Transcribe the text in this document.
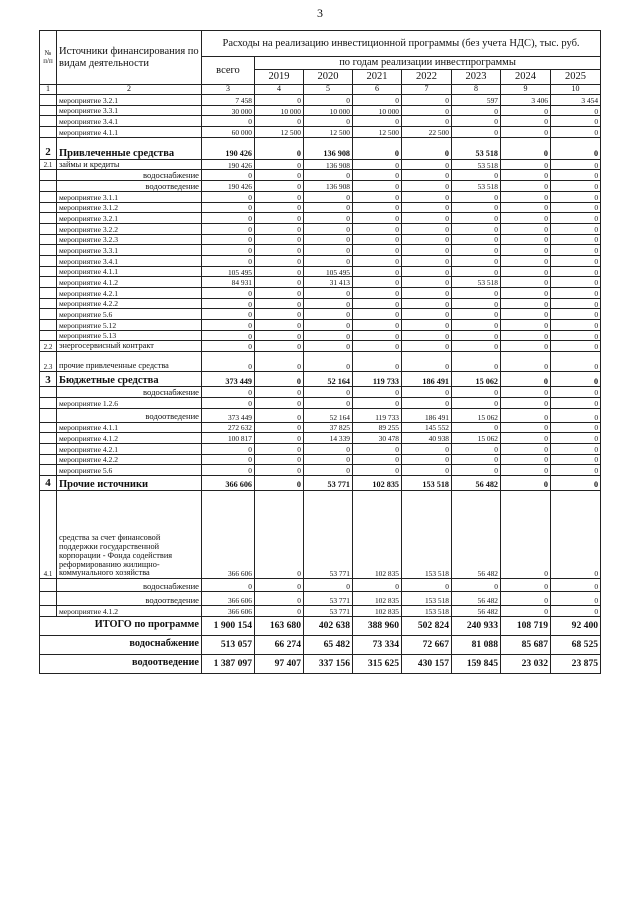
3
№ п/п	Источники финансирования по видам деятельности	Расходы на реализацию инвестиционной программы (без учета НДС), тыс. руб.							
		всего	по годам реализации инвестпрограммы						
			2019	2020	2021	2022	2023	2024	2025
1	2	3	4	5	6	7	8	9	10
	мероприятие 3.2.1	7 458	0	0	0	0	597	3 406	3 454
	мероприятие 3.3.1	30 000	10 000	10 000	10 000	0	0	0	0
	мероприятие 3.4.1	0	0	0	0	0	0	0	0
	мероприятие 4.1.1	60 000	12 500	12 500	12 500	22 500	0	0	0
2	Привлеченные средства	190 426	0	136 908	0	0	53 518	0	0
2.1	займы и кредиты	190 426	0	136 908	0	0	53 518	0	0
	водоснабжение	0	0	0	0	0	0	0	0
	водоотведение	190 426	0	136 908	0	0	53 518	0	0
	мероприятие 3.1.1	0	0	0	0	0	0	0	0
	мероприятие 3.1.2	0	0	0	0	0	0	0	0
	мероприятие 3.2.1	0	0	0	0	0	0	0	0
	мероприятие 3.2.2	0	0	0	0	0	0	0	0
	мероприятие 3.2.3	0	0	0	0	0	0	0	0
	мероприятие 3.3.1	0	0	0	0	0	0	0	0
	мероприятие 3.4.1	0	0	0	0	0	0	0	0
	мероприятие 4.1.1	105 495	0	105 495	0	0	0	0	0
	мероприятие 4.1.2	84 931	0	31 413	0	0	53 518	0	0
	мероприятие 4.2.1	0	0	0	0	0	0	0	0
	мероприятие 4.2.2	0	0	0	0	0	0	0	0
	мероприятие 5.6	0	0	0	0	0	0	0	0
	мероприятие 5.12	0	0	0	0	0	0	0	0
	мероприятие 5.13	0	0	0	0	0	0	0	0
2.2	энергосервисный контракт	0	0	0	0	0	0	0	0
2.3	прочие привлеченные средства	0	0	0	0	0	0	0	0
3	Бюджетные средства	373 449	0	52 164	119 733	186 491	15 062	0	0
	водоснабжение	0	0	0	0	0	0	0	0
	мероприятие 1.2.6	0	0	0	0	0	0	0	0
	водоотведение	373 449	0	52 164	119 733	186 491	15 062	0	0
	мероприятие 4.1.1	272 632	0	37 825	89 255	145 552	0	0	0
	мероприятие 4.1.2	100 817	0	14 339	30 478	40 938	15 062	0	0
	мероприятие 4.2.1	0	0	0	0	0	0	0	0
	мероприятие 4.2.2	0	0	0	0	0	0	0	0
	мероприятие 5.6	0	0	0	0	0	0	0	0
4	Прочие источники	366 606	0	53 771	102 835	153 518	56 482	0	0
4.1	средства за счет финансовой поддержки государственной корпорации - Фонда содействия реформированию жилищно-коммунального хозяйства	366 606	0	53 771	102 835	153 518	56 482	0	0
	водоснабжение	0	0	0	0	0	0	0	0
	водоотведение	366 606	0	53 771	102 835	153 518	56 482	0	0
	мероприятие 4.1.2	366 606	0	53 771	102 835	153 518	56 482	0	0
ИТОГО по программе		1 900 154	163 680	402 638	388 960	502 824	240 933	108 719	92 400
водоснабжение		513 057	66 274	65 482	73 334	72 667	81 088	85 687	68 525
водоотведение		1 387 097	97 407	337 156	315 625	430 157	159 845	23 032	23 875
